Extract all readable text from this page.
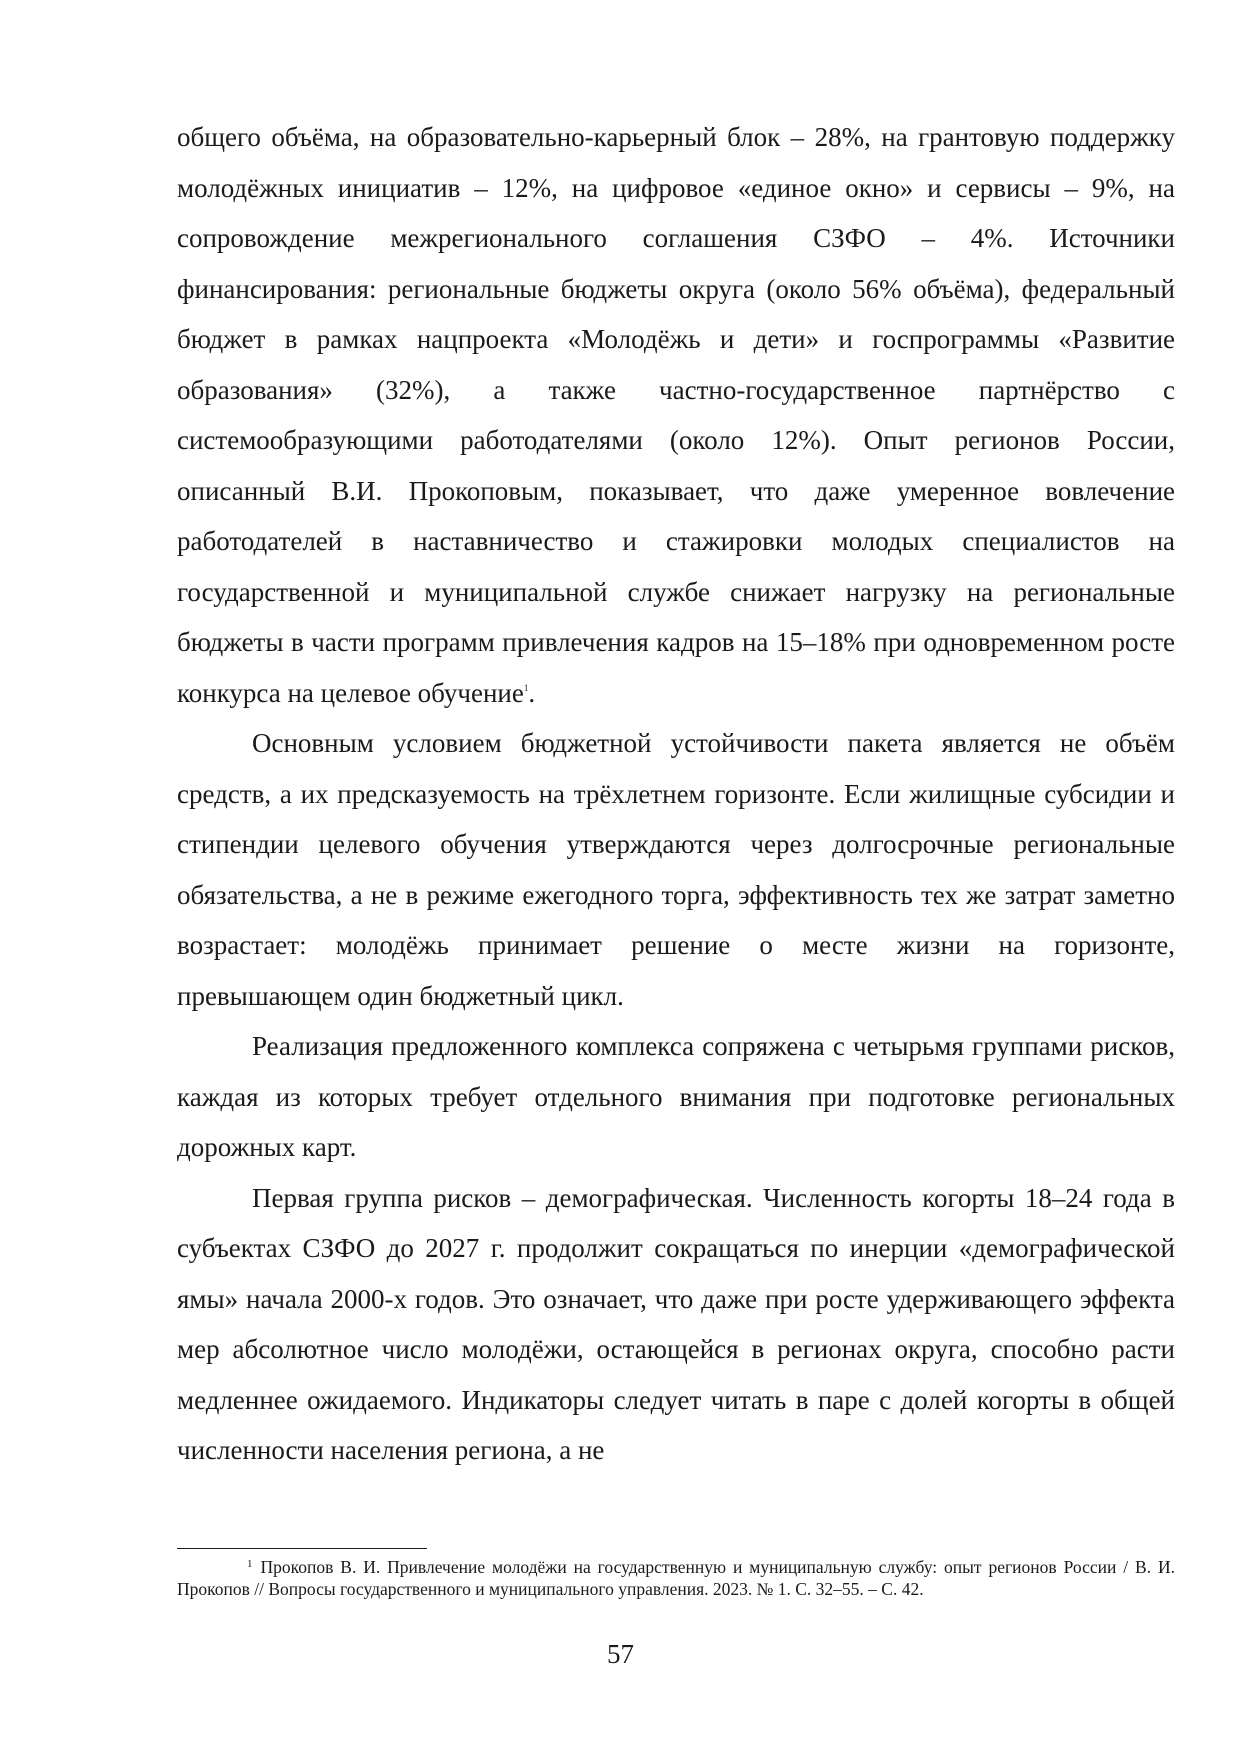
общего объёма, на образовательно-карьерный блок – 28%, на грантовую поддержку молодёжных инициатив – 12%, на цифровое «единое окно» и сервисы – 9%, на сопровождение межрегионального соглашения СЗФО – 4%. Источники финансирования: региональные бюджеты округа (около 56% объёма), федеральный бюджет в рамках нацпроекта «Молодёжь и дети» и госпрограммы «Развитие образования» (32%), а также частно-государственное партнёрство с системообразующими работодателями (около 12%). Опыт регионов России, описанный В.И. Прокоповым, показывает, что даже умеренное вовлечение работодателей в наставничество и стажировки молодых специалистов на государственной и муниципальной службе снижает нагрузку на региональные бюджеты в части программ привлечения кадров на 15–18% при одновременном росте конкурса на целевое обучение$^1$.

Основным условием бюджетной устойчивости пакета является не объём средств, а их предсказуемость на трёхлетнем горизонте. Если жилищные субсидии и стипендии целевого обучения утверждаются через долгосрочные региональные обязательства, а не в режиме ежегодного торга, эффективность тех же затрат заметно возрастает: молодёжь принимает решение о месте жизни на горизонте, превышающем один бюджетный цикл.

Реализация предложенного комплекса сопряжена с четырьмя группами рисков, каждая из которых требует отдельного внимания при подготовке региональных дорожных карт.

Первая группа рисков – демографическая. Численность когорты 18–24 года в субъектах СЗФО до 2027 г. продолжит сокращаться по инерции «демографической ямы» начала 2000-х годов. Это означает, что даже при росте удерживающего эффекта мер абсолютное число молодёжи, остающейся в регионах округа, способно расти медленнее ожидаемого. Индикаторы следует читать в паре с долей когорты в общей численности населения региона, а не

$^1$ Прокопов В. И. Привлечение молодёжи на государственную и муниципальную службу: опыт регионов России / В. И. Прокопов // Вопросы государственного и муниципального управления. 2023. № 1. С. 32–55. – С. 42.

57
